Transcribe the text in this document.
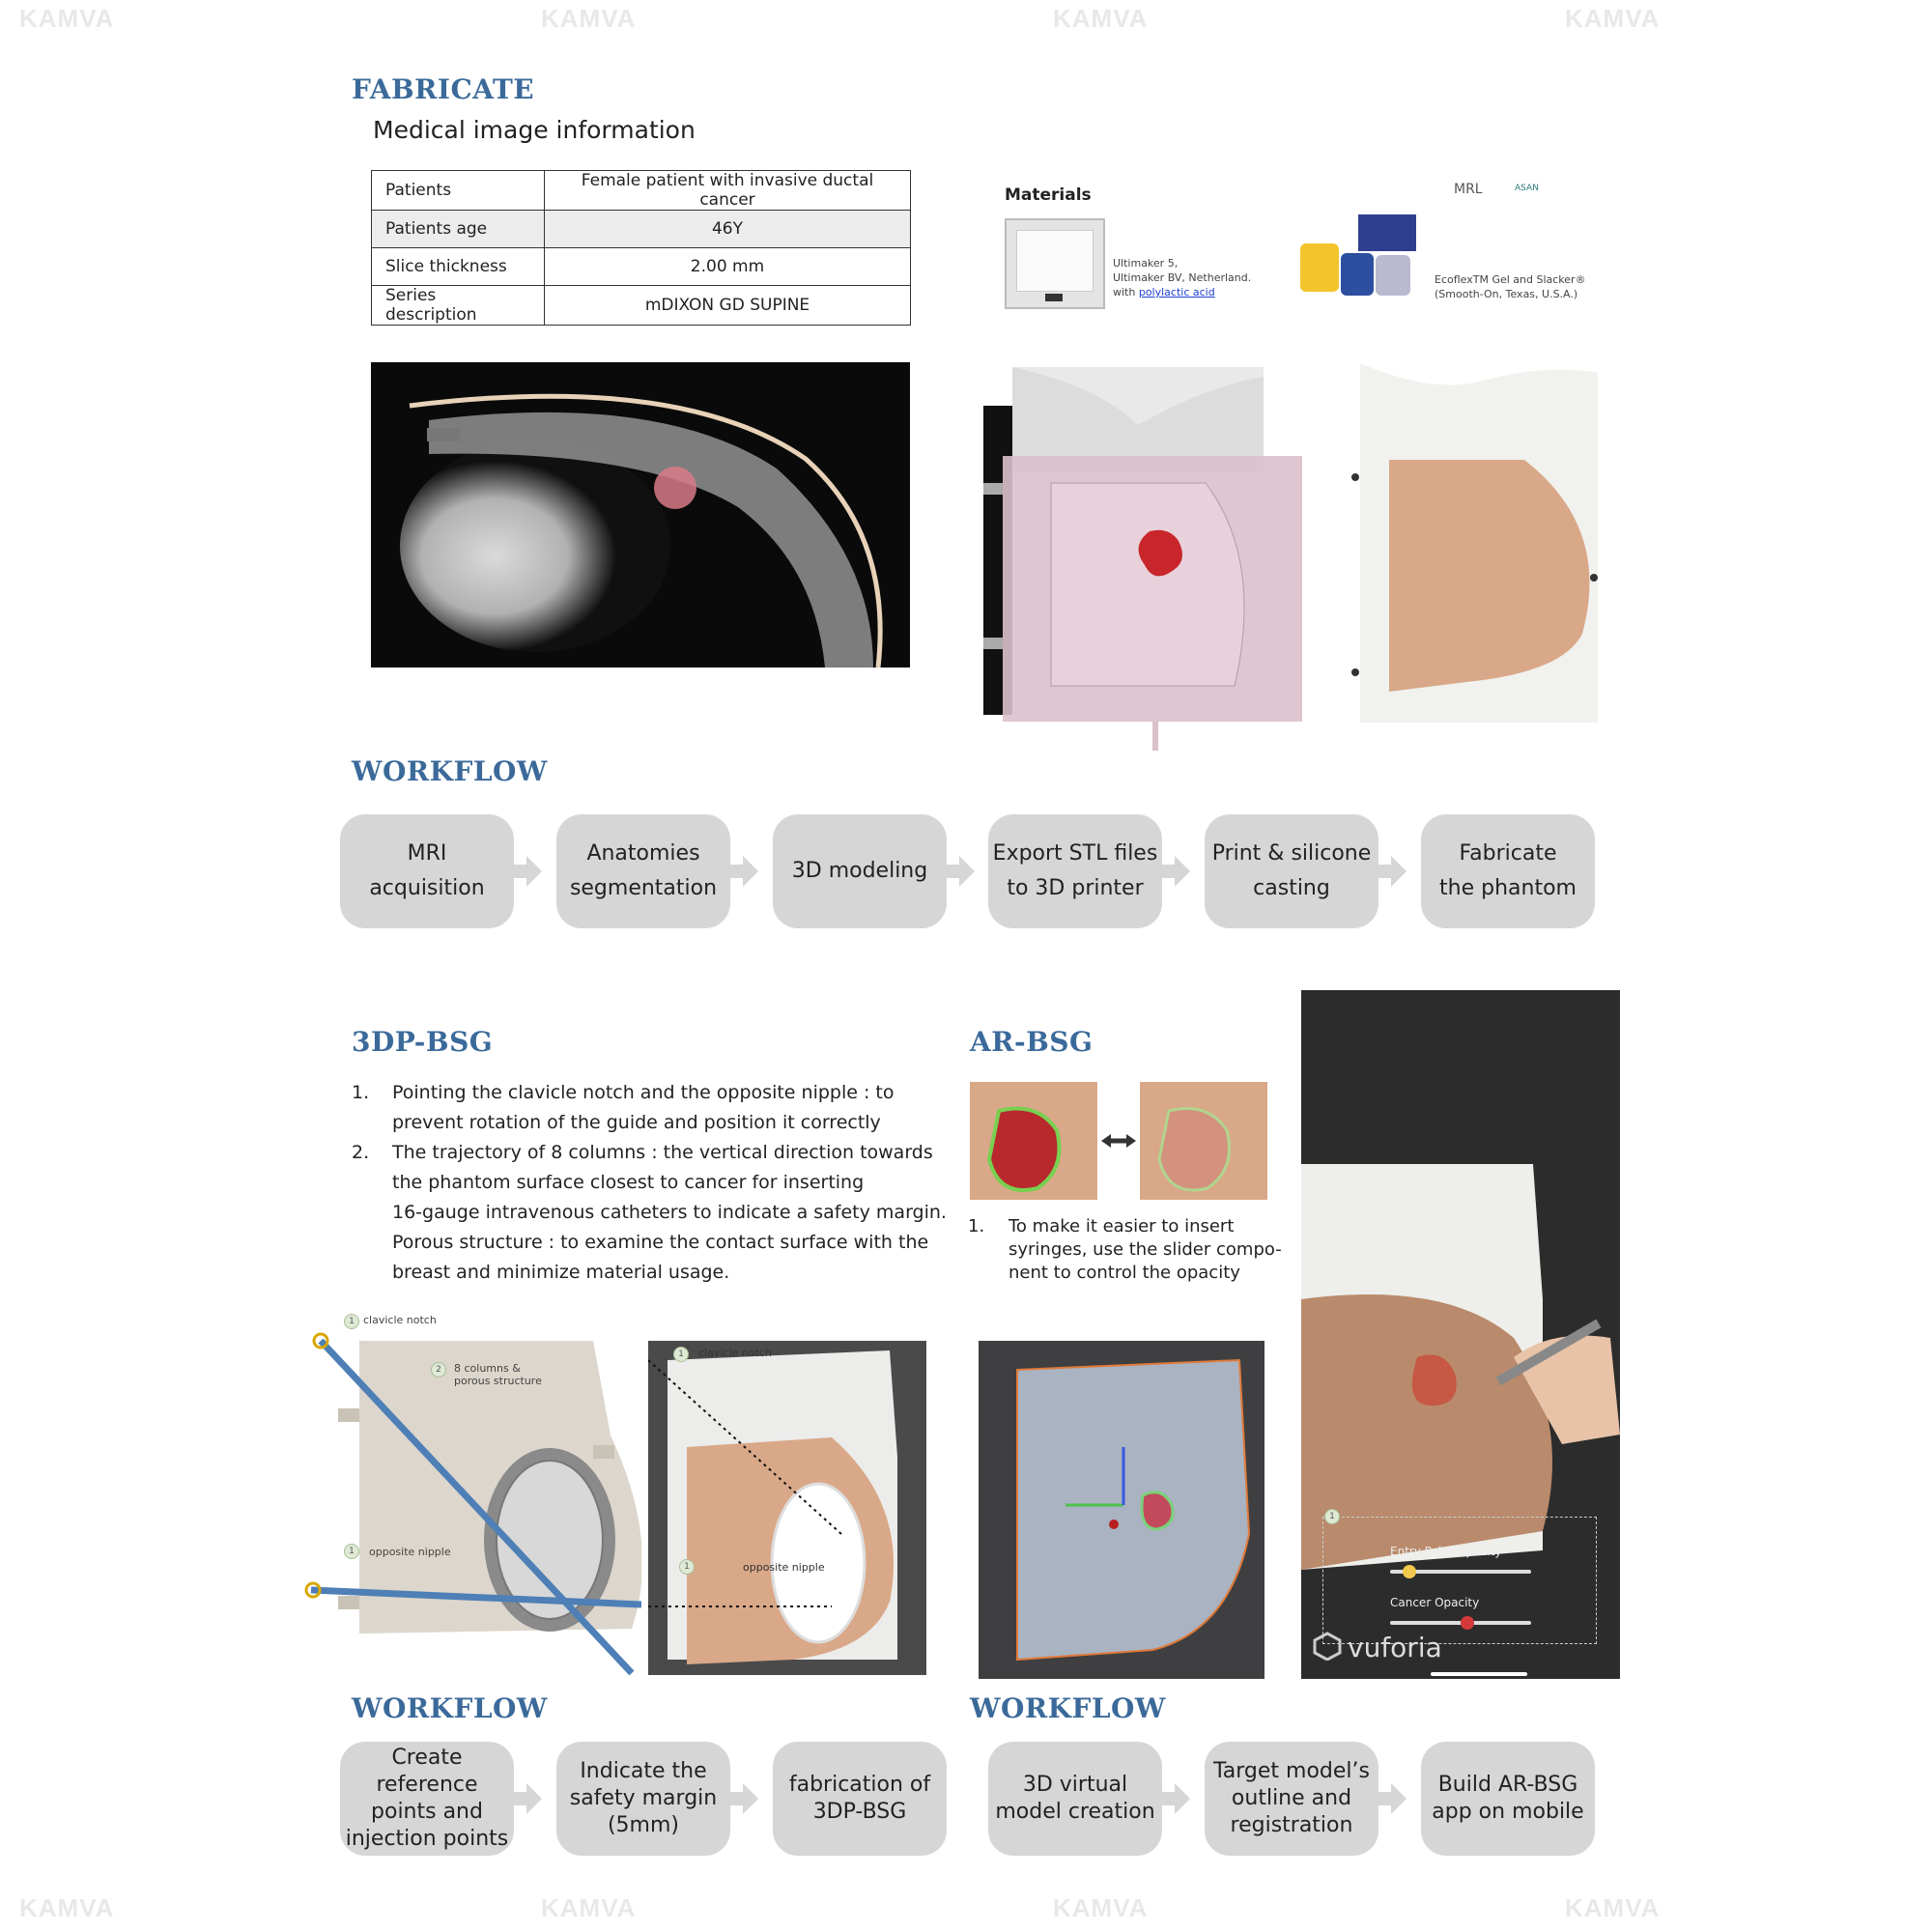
KAMVA	KAMVA	KAMVA	KAMVA
KAMVA	KAMVA	KAMVA	KAMVA
FABRICATE
Medical image information
Patients	Female patient with invasive ductal cancer
Patients age	46Y
Slice thickness	2.00 mm
Series description	mDIXON GD SUPINE
Materials	MRL	ASAN
Ultimaker 5,
Ultimaker BV, Netherland.
with polylactic acid
EcoflexTM Gel and Slacker®
(Smooth-On, Texas, U.S.A.)
WORKFLOW
MRI
acquisition
Anatomies
segmentation
3D modeling
Export STL files
to 3D printer
Print & silicone
casting
Fabricate
the phantom
3DP-BSG
1. Pointing the clavicle notch and the opposite nipple : to
prevent rotation of the guide and position it correctly
2. The trajectory of 8 columns : the vertical direction towards
the phantom surface closest to cancer for inserting
16-gauge intravenous catheters to indicate a safety margin.
Porous structure : to examine the contact surface with the
breast and minimize material usage.
1 clavicle notch
2	8 columns &
porous structure
1	opposite nipple
1	clavicle notch
1	opposite nipple
AR-BSG
1. To make it easier to insert
syringes, use the slider compo-
nent to control the opacity
1
Entry Point Opacity
Cancer Opacity
vuforia
WORKFLOW
Create reference
points and
injection points
Indicate the
safety margin
(5mm)
fabrication of
3DP-BSG
WORKFLOW
3D virtual
model creation
Target model’s
outline and
registration
Build AR-BSG
app on mobile
